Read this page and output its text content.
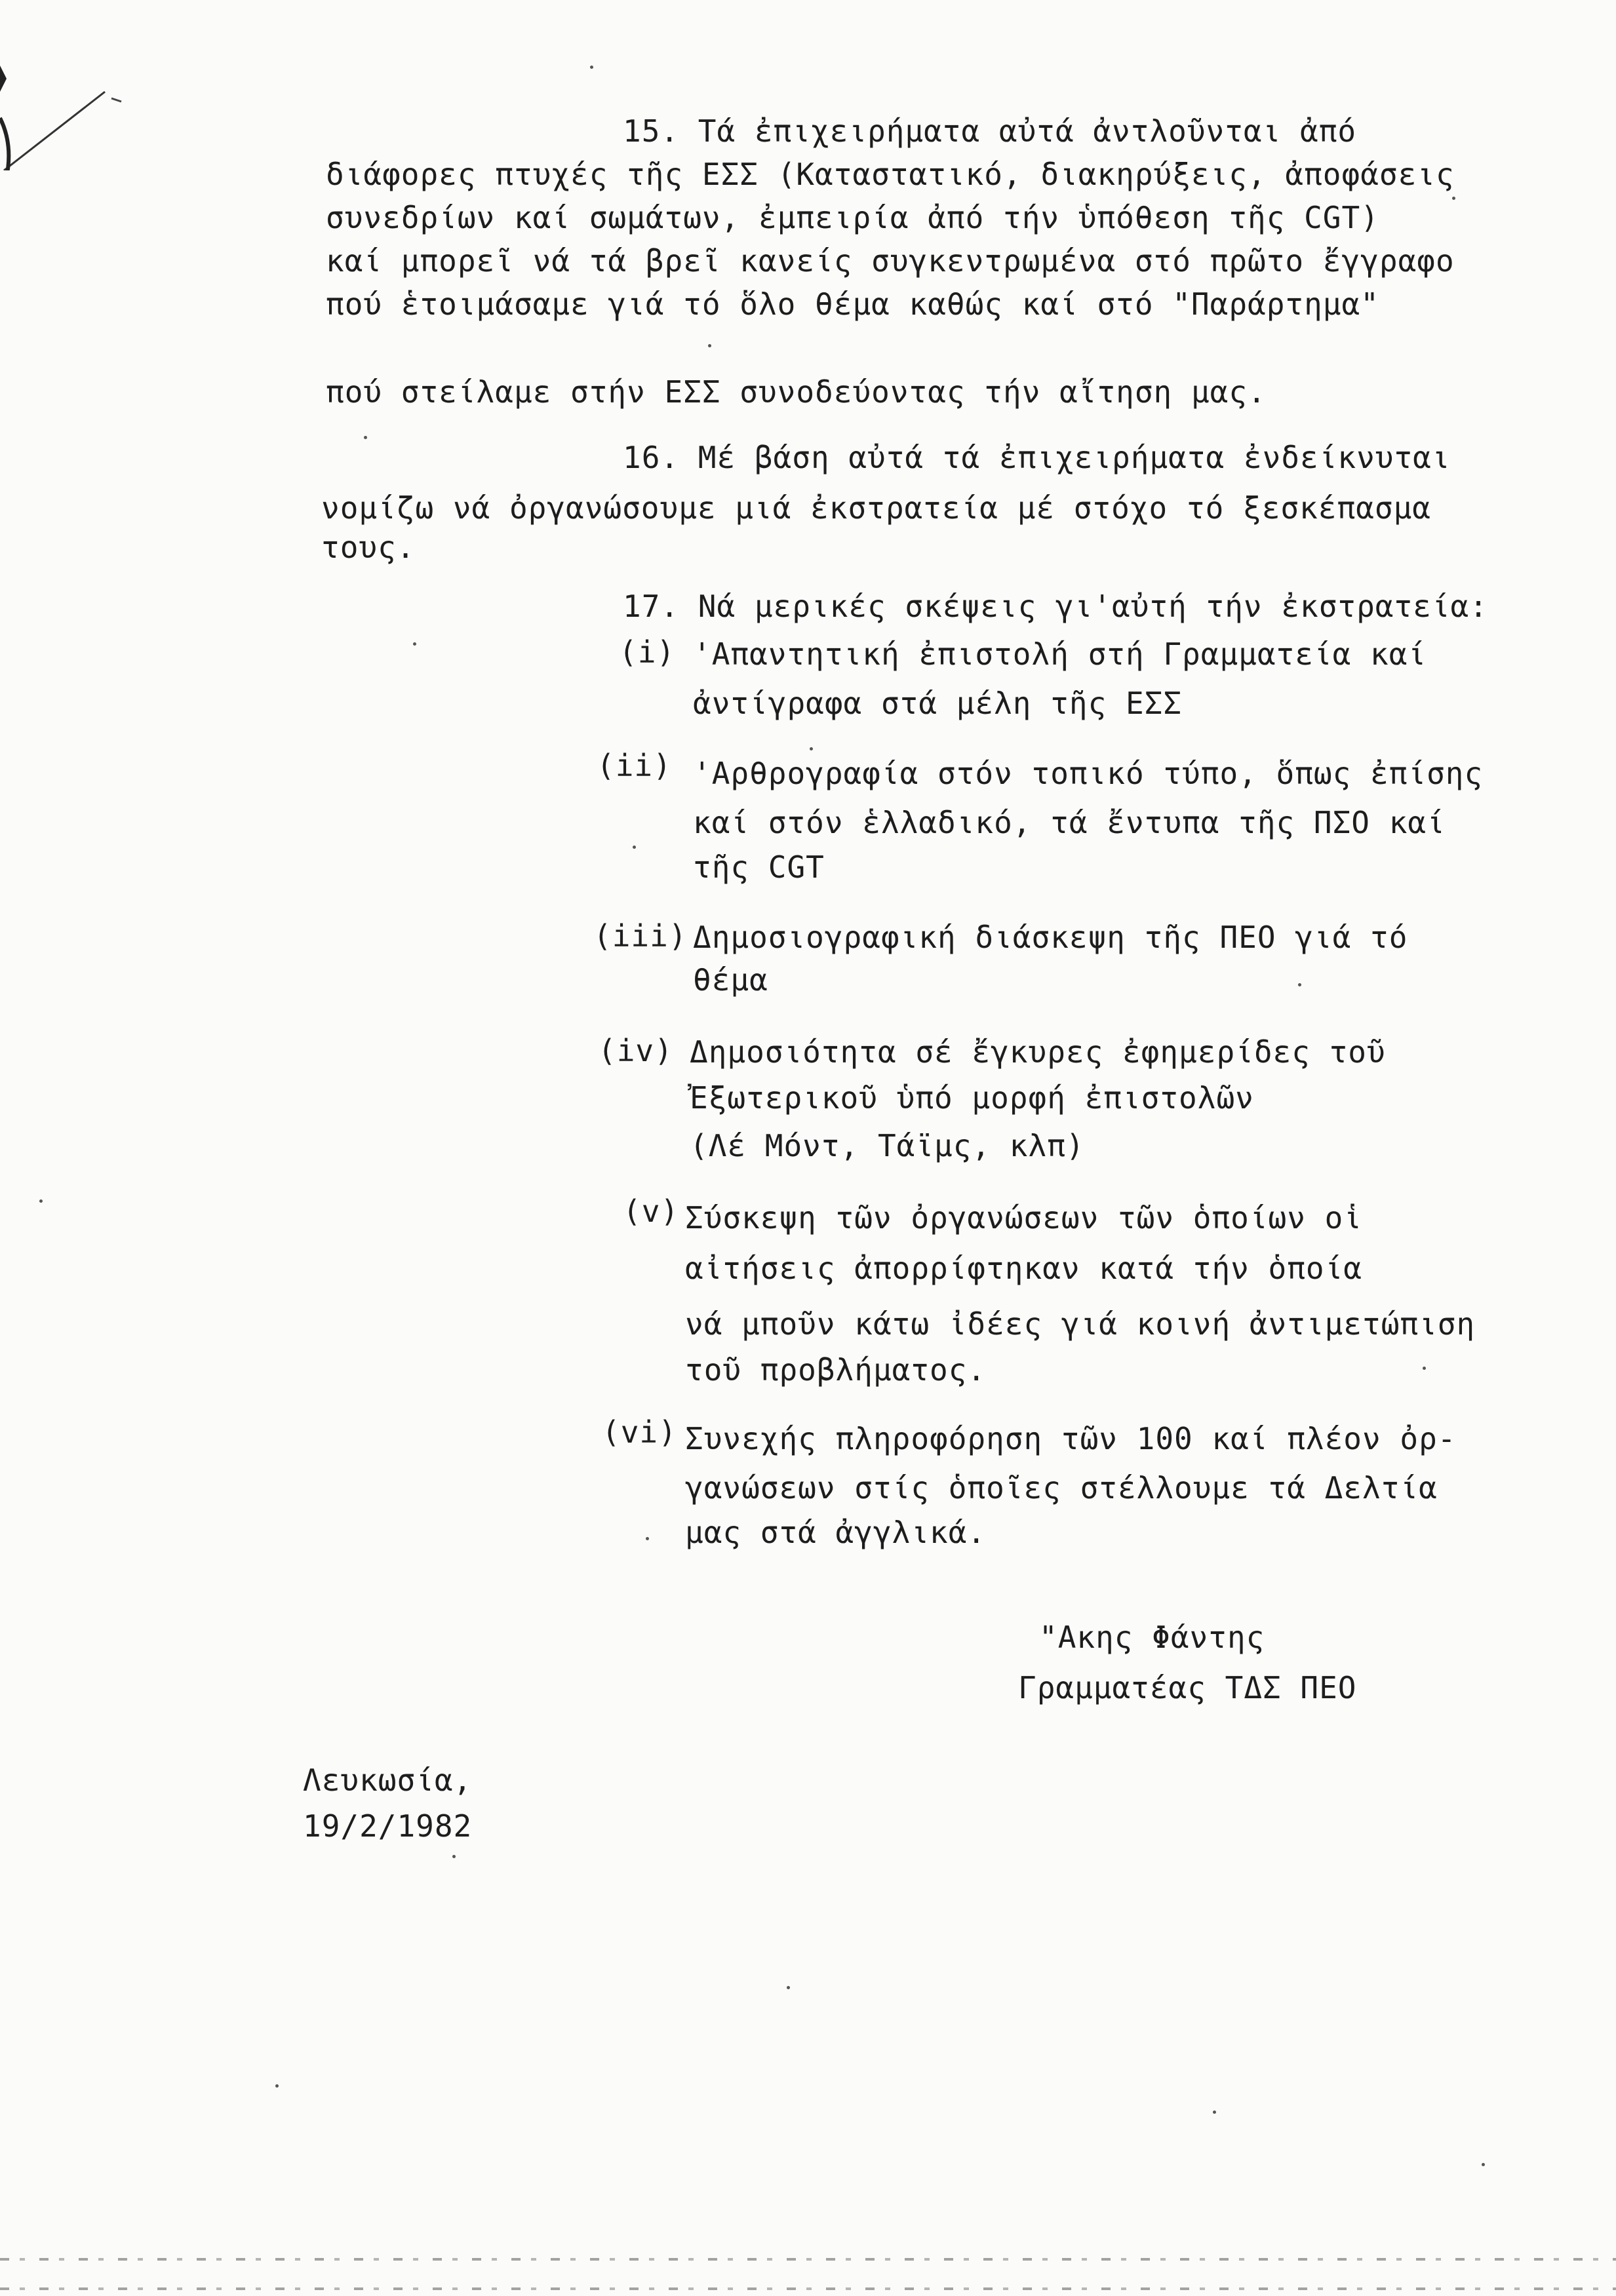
15. Τά ἐπιχειρήματα αὐτά ἀντλοῦνται ἀπό
διάφορες πτυχές τῆς ΕΣΣ (Καταστατικό, διακηρύξεις, ἀποφάσεις
συνεδρίων καί σωμάτων, ἐμπειρία ἀπό τήν ὑπόθεση τῆς CGT)
καί μπορεῖ νά τά βρεῖ κανείς συγκεντρωμένα στό πρῶτο ἔγγραφο
πού ἑτοιμάσαμε γιά τό ὅλο θέμα καθώς καί στό "Παράρτημα"
πού στείλαμε στήν ΕΣΣ συνοδεύοντας τήν αἴτηση μας.
16. Μέ βάση αὐτά τά ἐπιχειρήματα ἐνδείκνυται
νομίζω νά ὀργανώσουμε μιά ἐκστρατεία μέ στόχο τό ξεσκέπασμα
τους.
17. Νά μερικές σκέψεις γι'αὐτή τήν ἐκστρατεία:
(i) 'Απαντητική ἐπιστολή στή Γραμματεία καί
ἀντίγραφα στά μέλη τῆς ΕΣΣ
(ii) 'Αρθρογραφία στόν τοπικό τύπο, ὅπως ἐπίσης
καί στόν ἑλλαδικό, τά ἔντυπα τῆς ΠΣΟ καί
τῆς CGT
(iii) Δημοσιογραφική διάσκεψη τῆς ΠΕΟ γιά τό
θέμα
(iv) Δημοσιότητα σέ ἔγκυρες ἐφημερίδες τοῦ
Ἐξωτερικοῦ ὑπό μορφή ἐπιστολῶν
(Λέ Μόντ, Τάϊμς, κλπ)
(v) Σύσκεψη τῶν ὀργανώσεων τῶν ὁποίων οἱ
αἰτήσεις ἀπορρίφτηκαν κατά τήν ὁποία
νά μποῦν κάτω ἰδέες γιά κοινή ἀντιμετώπιση
τοῦ προβλήματος.
(vi) Συνεχής πληροφόρηση τῶν 100 καί πλέον ὀρ-
γανώσεων στίς ὁποῖες στέλλουμε τά Δελτία
μας στά ἀγγλικά.
"Ακης Φάντης
Γραμματέας ΤΔΣ ΠΕΟ
Λευκωσία,
19/2/1982
